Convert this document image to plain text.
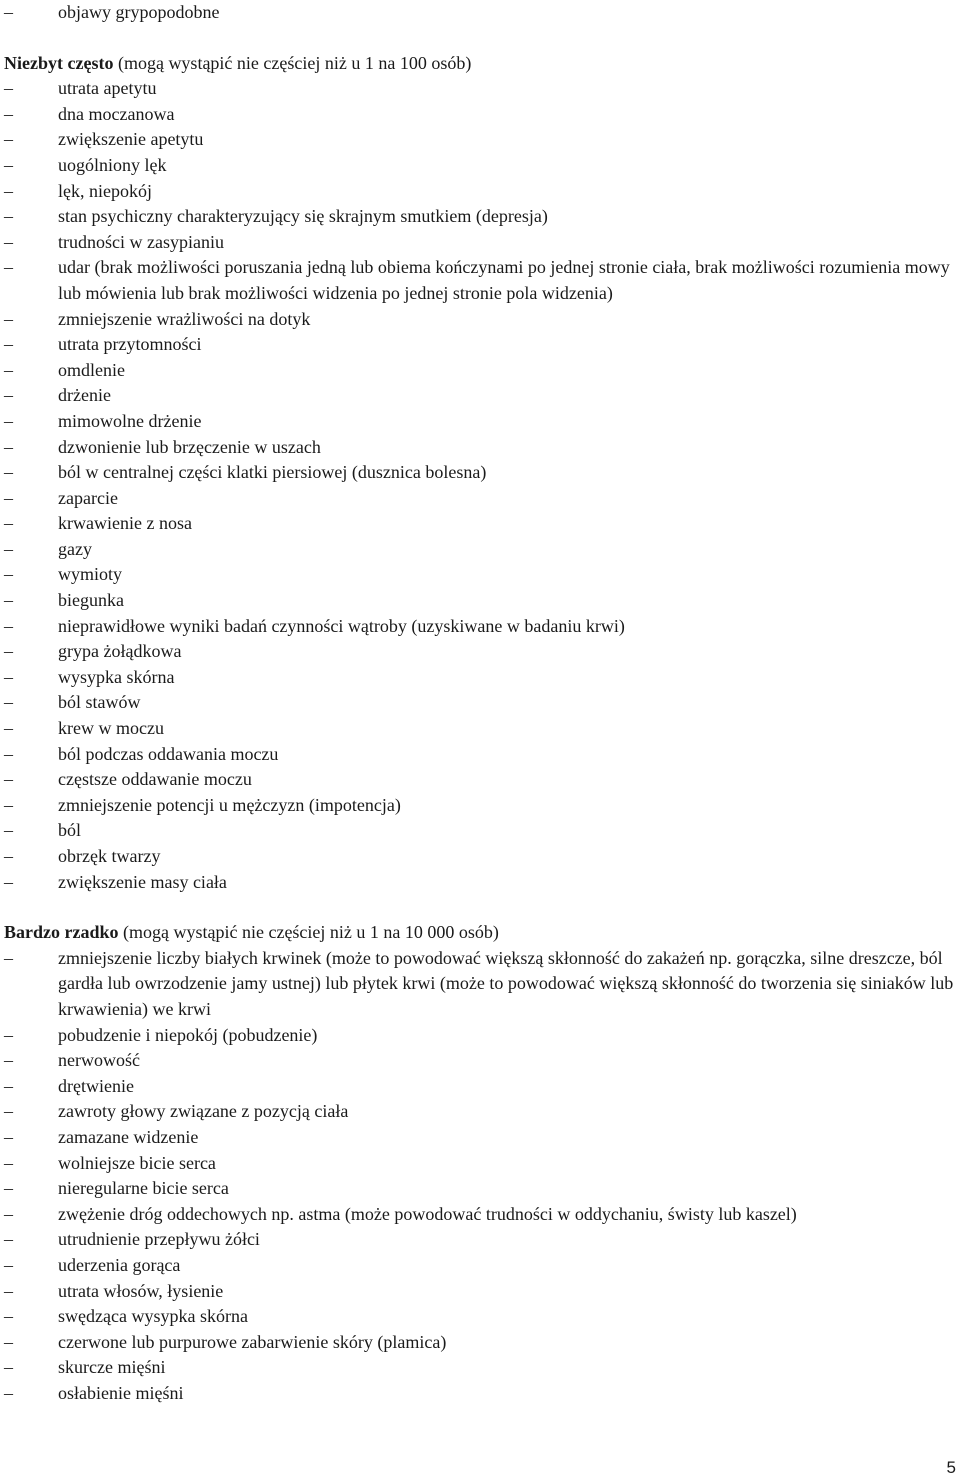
–	objawy grypopodobne

Niezbyt często (mogą wystąpić nie częściej niż u 1 na 100 osób)

–	utrata apetytu
–	dna moczanowa
–	zwiększenie apetytu
–	uogólniony lęk
–	lęk, niepokój
–	stan psychiczny charakteryzujący się skrajnym smutkiem (depresja)
–	trudności w zasypianiu
–	udar (brak możliwości poruszania jedną lub obiema kończynami po jednej stronie ciała, brak możliwości rozumienia mowy lub mówienia lub brak możliwości widzenia po jednej stronie pola widzenia)
–	zmniejszenie wrażliwości na dotyk
–	utrata przytomności
–	omdlenie
–	drżenie
–	mimowolne drżenie
–	dzwonienie lub brzęczenie w uszach
–	ból w centralnej części klatki piersiowej (dusznica bolesna)
–	zaparcie
–	krwawienie z nosa
–	gazy
–	wymioty
–	biegunka
–	nieprawidłowe wyniki badań czynności wątroby (uzyskiwane w badaniu krwi)
–	grypa żołądkowa
–	wysypka skórna
–	ból stawów
–	krew w moczu
–	ból podczas oddawania moczu
–	częstsze oddawanie moczu
–	zmniejszenie potencji u mężczyzn (impotencja)
–	ból
–	obrzęk twarzy
–	zwiększenie masy ciała

Bardzo rzadko (mogą wystąpić nie częściej niż u 1 na 10 000 osób)

–	zmniejszenie liczby białych krwinek (może to powodować większą skłonność do zakażeń np. gorączka, silne dreszcze, ból gardła lub owrzodzenie jamy ustnej) lub płytek krwi (może to powodować większą skłonność do tworzenia się siniaków lub krwawienia) we krwi
–	pobudzenie i niepokój (pobudzenie)
–	nerwowość
–	drętwienie
–	zawroty głowy związane z pozycją ciała
–	zamazane widzenie
–	wolniejsze bicie serca
–	nieregularne bicie serca
–	zwężenie dróg oddechowych np. astma (może powodować trudności w oddychaniu, świsty lub kaszel)
–	utrudnienie przepływu żółci
–	uderzenia gorąca
–	utrata włosów, łysienie
–	swędząca wysypka skórna
–	czerwone lub purpurowe zabarwienie skóry (plamica)
–	skurcze mięśni
–	osłabienie mięśni
5
